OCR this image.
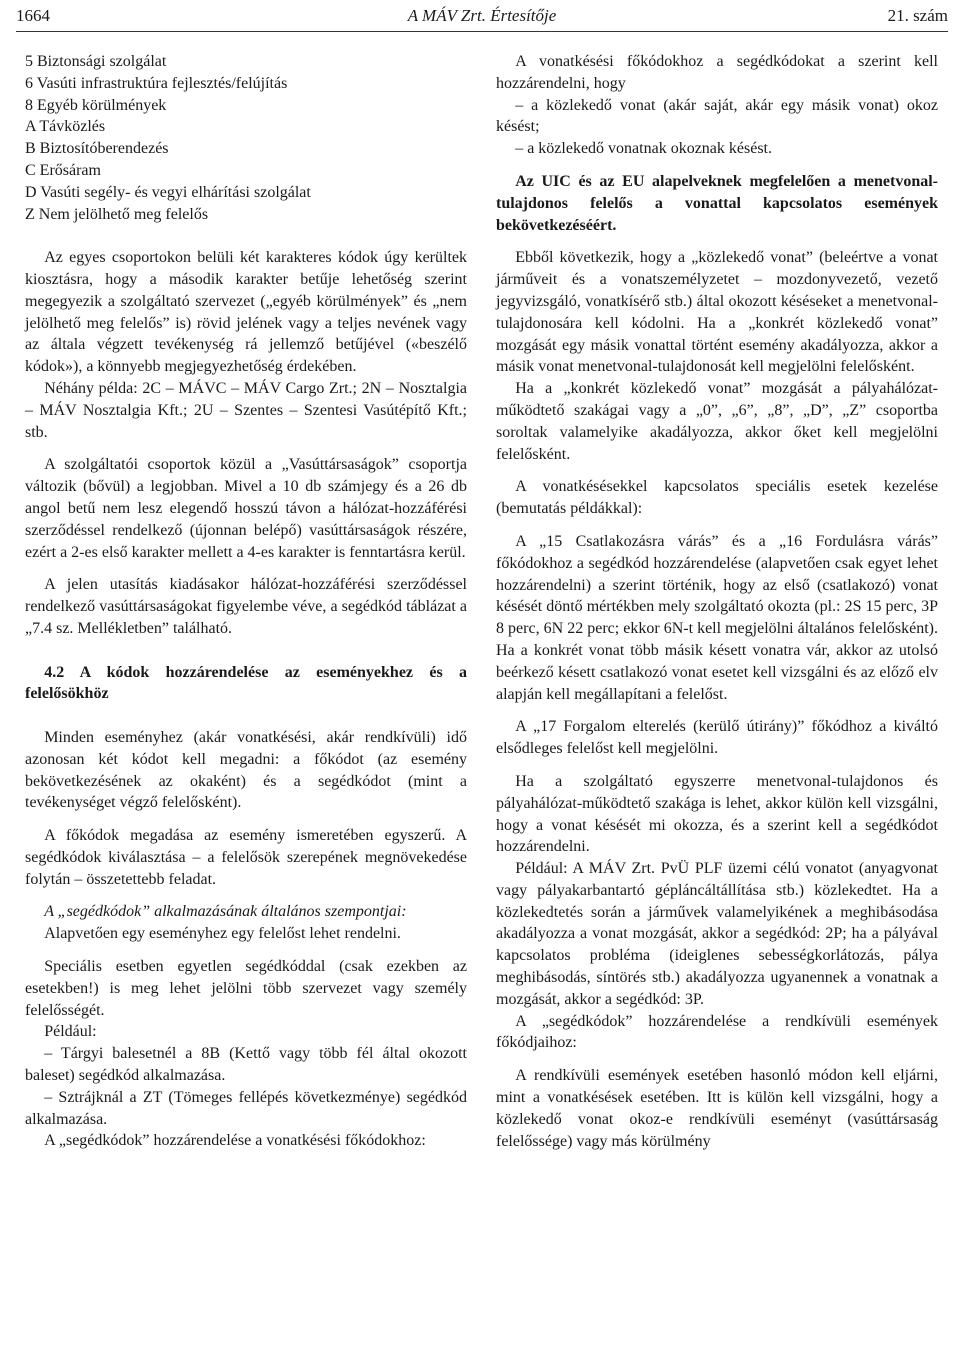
1664	A MÁV Zrt. Értesítője	21. szám

5 Biztonsági szolgálat

6 Vasúti infrastruktúra fejlesztés/felújítás

8 Egyéb körülmények

A Távközlés

B Biztosítóberendezés

C Erősáram

D Vasúti segély- és vegyi elhárítási szolgálat

Z Nem jelölhető meg felelős

Az egyes csoportokon belüli két karakteres kódok úgy kerültek kiosztásra, hogy a második karakter betűje lehetőség szerint megegyezik a szolgáltató szervezet („egyéb körülmények” és „nem jelölhető meg felelős” is) rövid jelének vagy a teljes nevének vagy az általa végzett tevékenység rá jellemző betűjével («beszélő kódok»), a könnyebb megjegyezhetőség érdekében.

Néhány példa: 2C – MÁVC – MÁV Cargo Zrt.; 2N – Nosztalgia – MÁV Nosztalgia Kft.; 2U – Szentes – Szentesi Vasútépítő Kft.; stb.

A szolgáltatói csoportok közül a „Vasúttársaságok” csoportja változik (bővül) a legjobban. Mivel a 10 db számjegy és a 26 db angol betű nem lesz elegendő hosszú távon a hálózat-hozzáférési szerződéssel rendelkező (újonnan belépő) vasúttársaságok részére, ezért a 2-es első karakter mellett a 4-es karakter is fenntartásra kerül.

A jelen utasítás kiadásakor hálózat-hozzáférési szerződéssel rendelkező vasúttársaságokat figyelembe véve, a segédkód táblázat a „7.4 sz. Mellékletben” található.

4.2 A kódok hozzárendelése az eseményekhez és a felelősökhöz

Minden eseményhez (akár vonatkésési, akár rendkívüli) idő azonosan két kódot kell megadni: a főkódot (az esemény bekövetkezésének az okaként) és a segédkódot (mint a tevékenységet végző felelősként).

A főkódok megadása az esemény ismeretében egyszerű. A segédkódok kiválasztása – a felelősök szerepének megnövekedése folytán – összetettebb feladat.

A „segédkódok” alkalmazásának általános szempontjai:

Alapvetően egy eseményhez egy felelőst lehet rendelni.

Speciális esetben egyetlen segédkóddal (csak ezekben az esetekben!) is meg lehet jelölni több szervezet vagy személy felelősségét.

Például:

– Tárgyi balesetnél a 8B (Kettő vagy több fél által okozott baleset) segédkód alkalmazása.

– Sztrájknál a ZT (Tömeges fellépés következménye) segédkód alkalmazása.

A „segédkódok” hozzárendelése a vonatkésési főkódokhoz:

A vonatkésési főkódokhoz a segédkódokat a szerint kell hozzárendelni, hogy

– a közlekedő vonat (akár saját, akár egy másik vonat) okoz késést;

– a közlekedő vonatnak okoznak késést.

Az UIC és az EU alapelveknek megfelelően a menetvonal-tulajdonos felelős a vonattal kapcsolatos események bekövetkezéséért.

Ebből következik, hogy a „közlekedő vonat” (beleértve a vonat járműveit és a vonatszemélyzetet – mozdonyvezető, vezető jegyvizsgáló, vonatkísérő stb.) által okozott késéseket a menetvonal-tulajdonosára kell kódolni. Ha a „konkrét közlekedő vonat” mozgását egy másik vonattal történt esemény akadályozza, akkor a másik vonat menetvonal-tulajdonosát kell megjelölni felelősként.

Ha a „konkrét közlekedő vonat” mozgását a pályahálózat-működtető szakágai vagy a „0”, „6”, „8”, „D”, „Z” csoportba soroltak valamelyike akadályozza, akkor őket kell megjelölni felelősként.

A vonatkésésekkel kapcsolatos speciális esetek kezelése (bemutatás példákkal):

A „15 Csatlakozásra várás” és a „16 Fordulásra várás” főkódokhoz a segédkód hozzárendelése (alapvetően csak egyet lehet hozzárendelni) a szerint történik, hogy az első (csatlakozó) vonat késését döntő mértékben mely szolgáltató okozta (pl.: 2S 15 perc, 3P 8 perc, 6N 22 perc; ekkor 6N-t kell megjelölni általános felelősként). Ha a konkrét vonat több másik késett vonatra vár, akkor az utolsó beérkező késett csatlakozó vonat esetet kell vizsgálni és az előző elv alapján kell megállapítani a felelőst.

A „17 Forgalom elterelés (kerülő útirány)” főkódhoz a kiváltó elsődleges felelőst kell megjelölni.

Ha a szolgáltató egyszerre menetvonal-tulajdonos és pályahálózat-működtető szakága is lehet, akkor külön kell vizsgálni, hogy a vonat késését mi okozza, és a szerint kell a segédkódot hozzárendelni.

Például: A MÁV Zrt. PvÜ PLF üzemi célú vonatot (anyagvonat vagy pályakarbantartó gépláncáltállítása stb.) közlekedtet. Ha a közlekedtetés során a járművek valamelyikének a meghibásodása akadályozza a vonat mozgását, akkor a segédkód: 2P; ha a pályával kapcsolatos probléma (ideiglenes sebességkorlátozás, pálya meghibásodás, síntörés stb.) akadályozza ugyanennek a vonatnak a mozgását, akkor a segédkód: 3P.

A „segédkódok” hozzárendelése a rendkívüli események főkódjaihoz:

A rendkívüli események esetében hasonló módon kell eljárni, mint a vonatkésések esetében. Itt is külön kell vizsgálni, hogy a közlekedő vonat okoz-e rendkívüli eseményt (vasúttársaság felelőssége) vagy más körülmény
